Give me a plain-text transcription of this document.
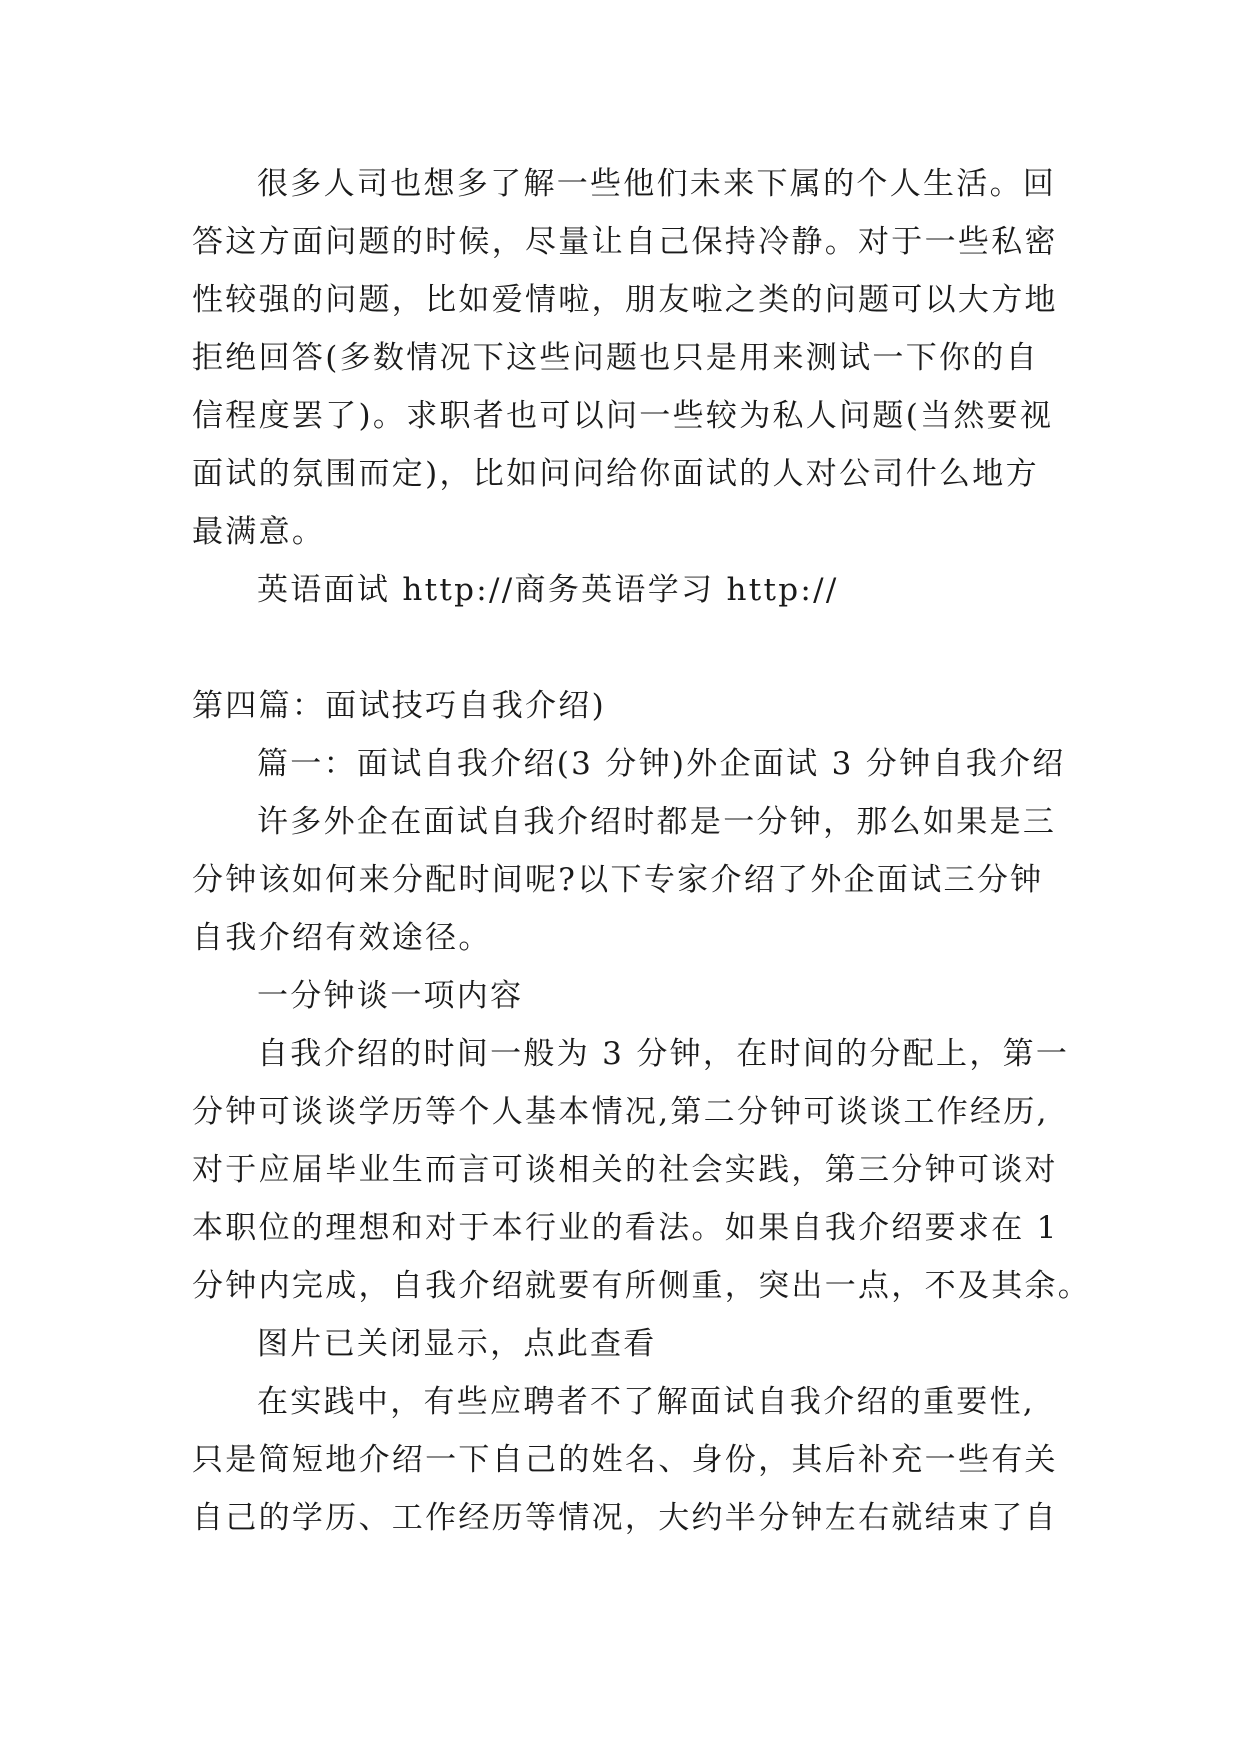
很多人司也想多了解一些他们未来下属的个人生活。回
答这方面问题的时候，尽量让自己保持冷静。对于一些私密
性较强的问题，比如爱情啦，朋友啦之类的问题可以大方地
拒绝回答(多数情况下这些问题也只是用来测试一下你的自
信程度罢了)。求职者也可以问一些较为私人问题(当然要视
面试的氛围而定)，比如问问给你面试的人对公司什么地方
最满意。
英语面试 http://商务英语学习 http://
第四篇：面试技巧自我介绍)
篇一：面试自我介绍(3 分钟)外企面试 3 分钟自我介绍
许多外企在面试自我介绍时都是一分钟，那么如果是三
分钟该如何来分配时间呢?以下专家介绍了外企面试三分钟
自我介绍有效途径。
一分钟谈一项内容
自我介绍的时间一般为 3 分钟，在时间的分配上，第一
分钟可谈谈学历等个人基本情况,第二分钟可谈谈工作经历,
对于应届毕业生而言可谈相关的社会实践，第三分钟可谈对
本职位的理想和对于本行业的看法。如果自我介绍要求在 1
分钟内完成，自我介绍就要有所侧重，突出一点，不及其余。
图片已关闭显示，点此查看
在实践中，有些应聘者不了解面试自我介绍的重要性,
只是简短地介绍一下自己的姓名、身份，其后补充一些有关
自己的学历、工作经历等情况，大约半分钟左右就结束了自
